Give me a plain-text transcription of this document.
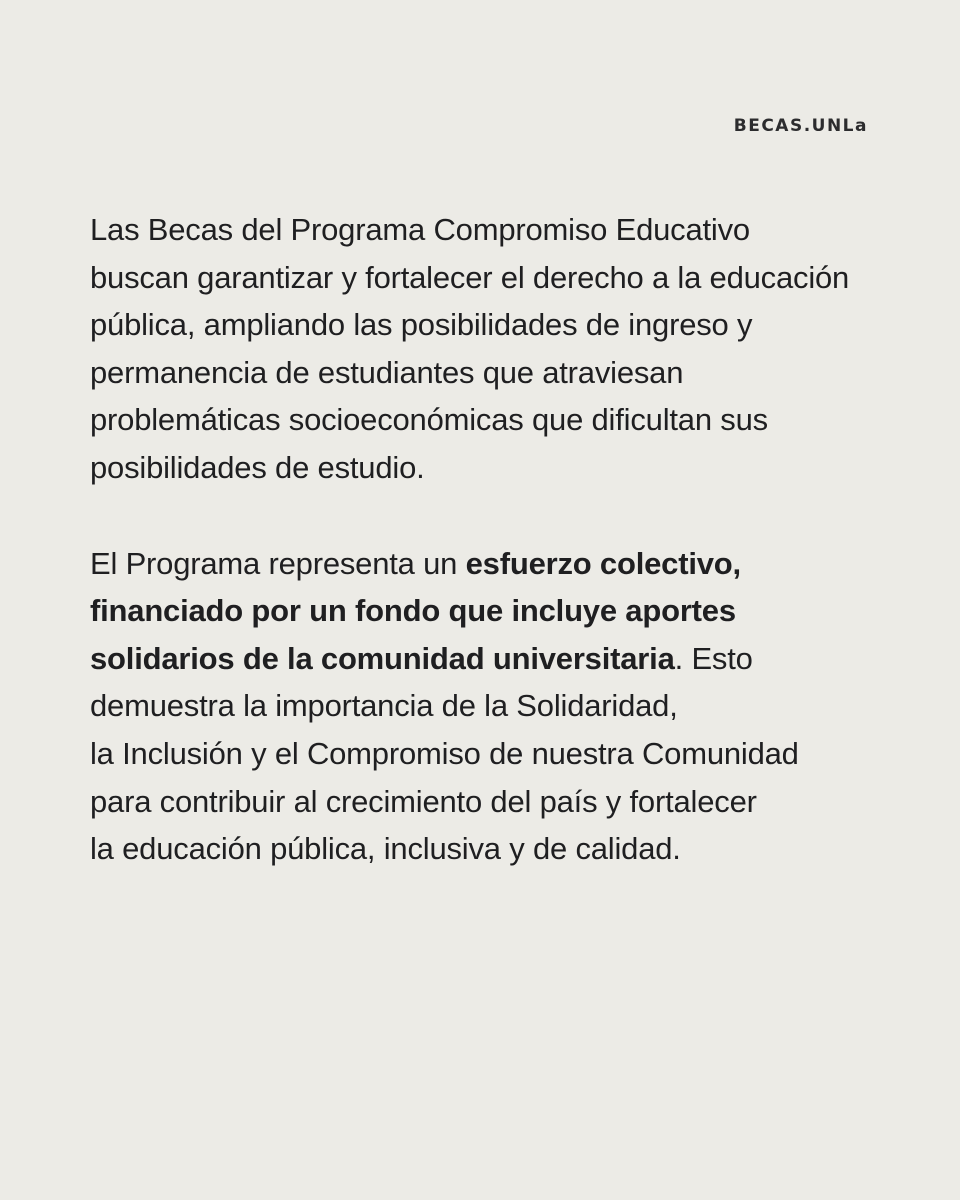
BECAS.UNLa

Las Becas del Programa Compromiso Educativo
buscan garantizar y fortalecer el derecho a la educación
pública, ampliando las posibilidades de ingreso y
permanencia de estudiantes que atraviesan
problemáticas socioeconómicas que dificultan sus
posibilidades de estudio.

El Programa representa un esfuerzo colectivo,
financiado por un fondo que incluye aportes
solidarios de la comunidad universitaria. Esto
demuestra la importancia de la Solidaridad,
la Inclusión y el Compromiso de nuestra Comunidad
para contribuir al crecimiento del país y fortalecer
la educación pública, inclusiva y de calidad.
